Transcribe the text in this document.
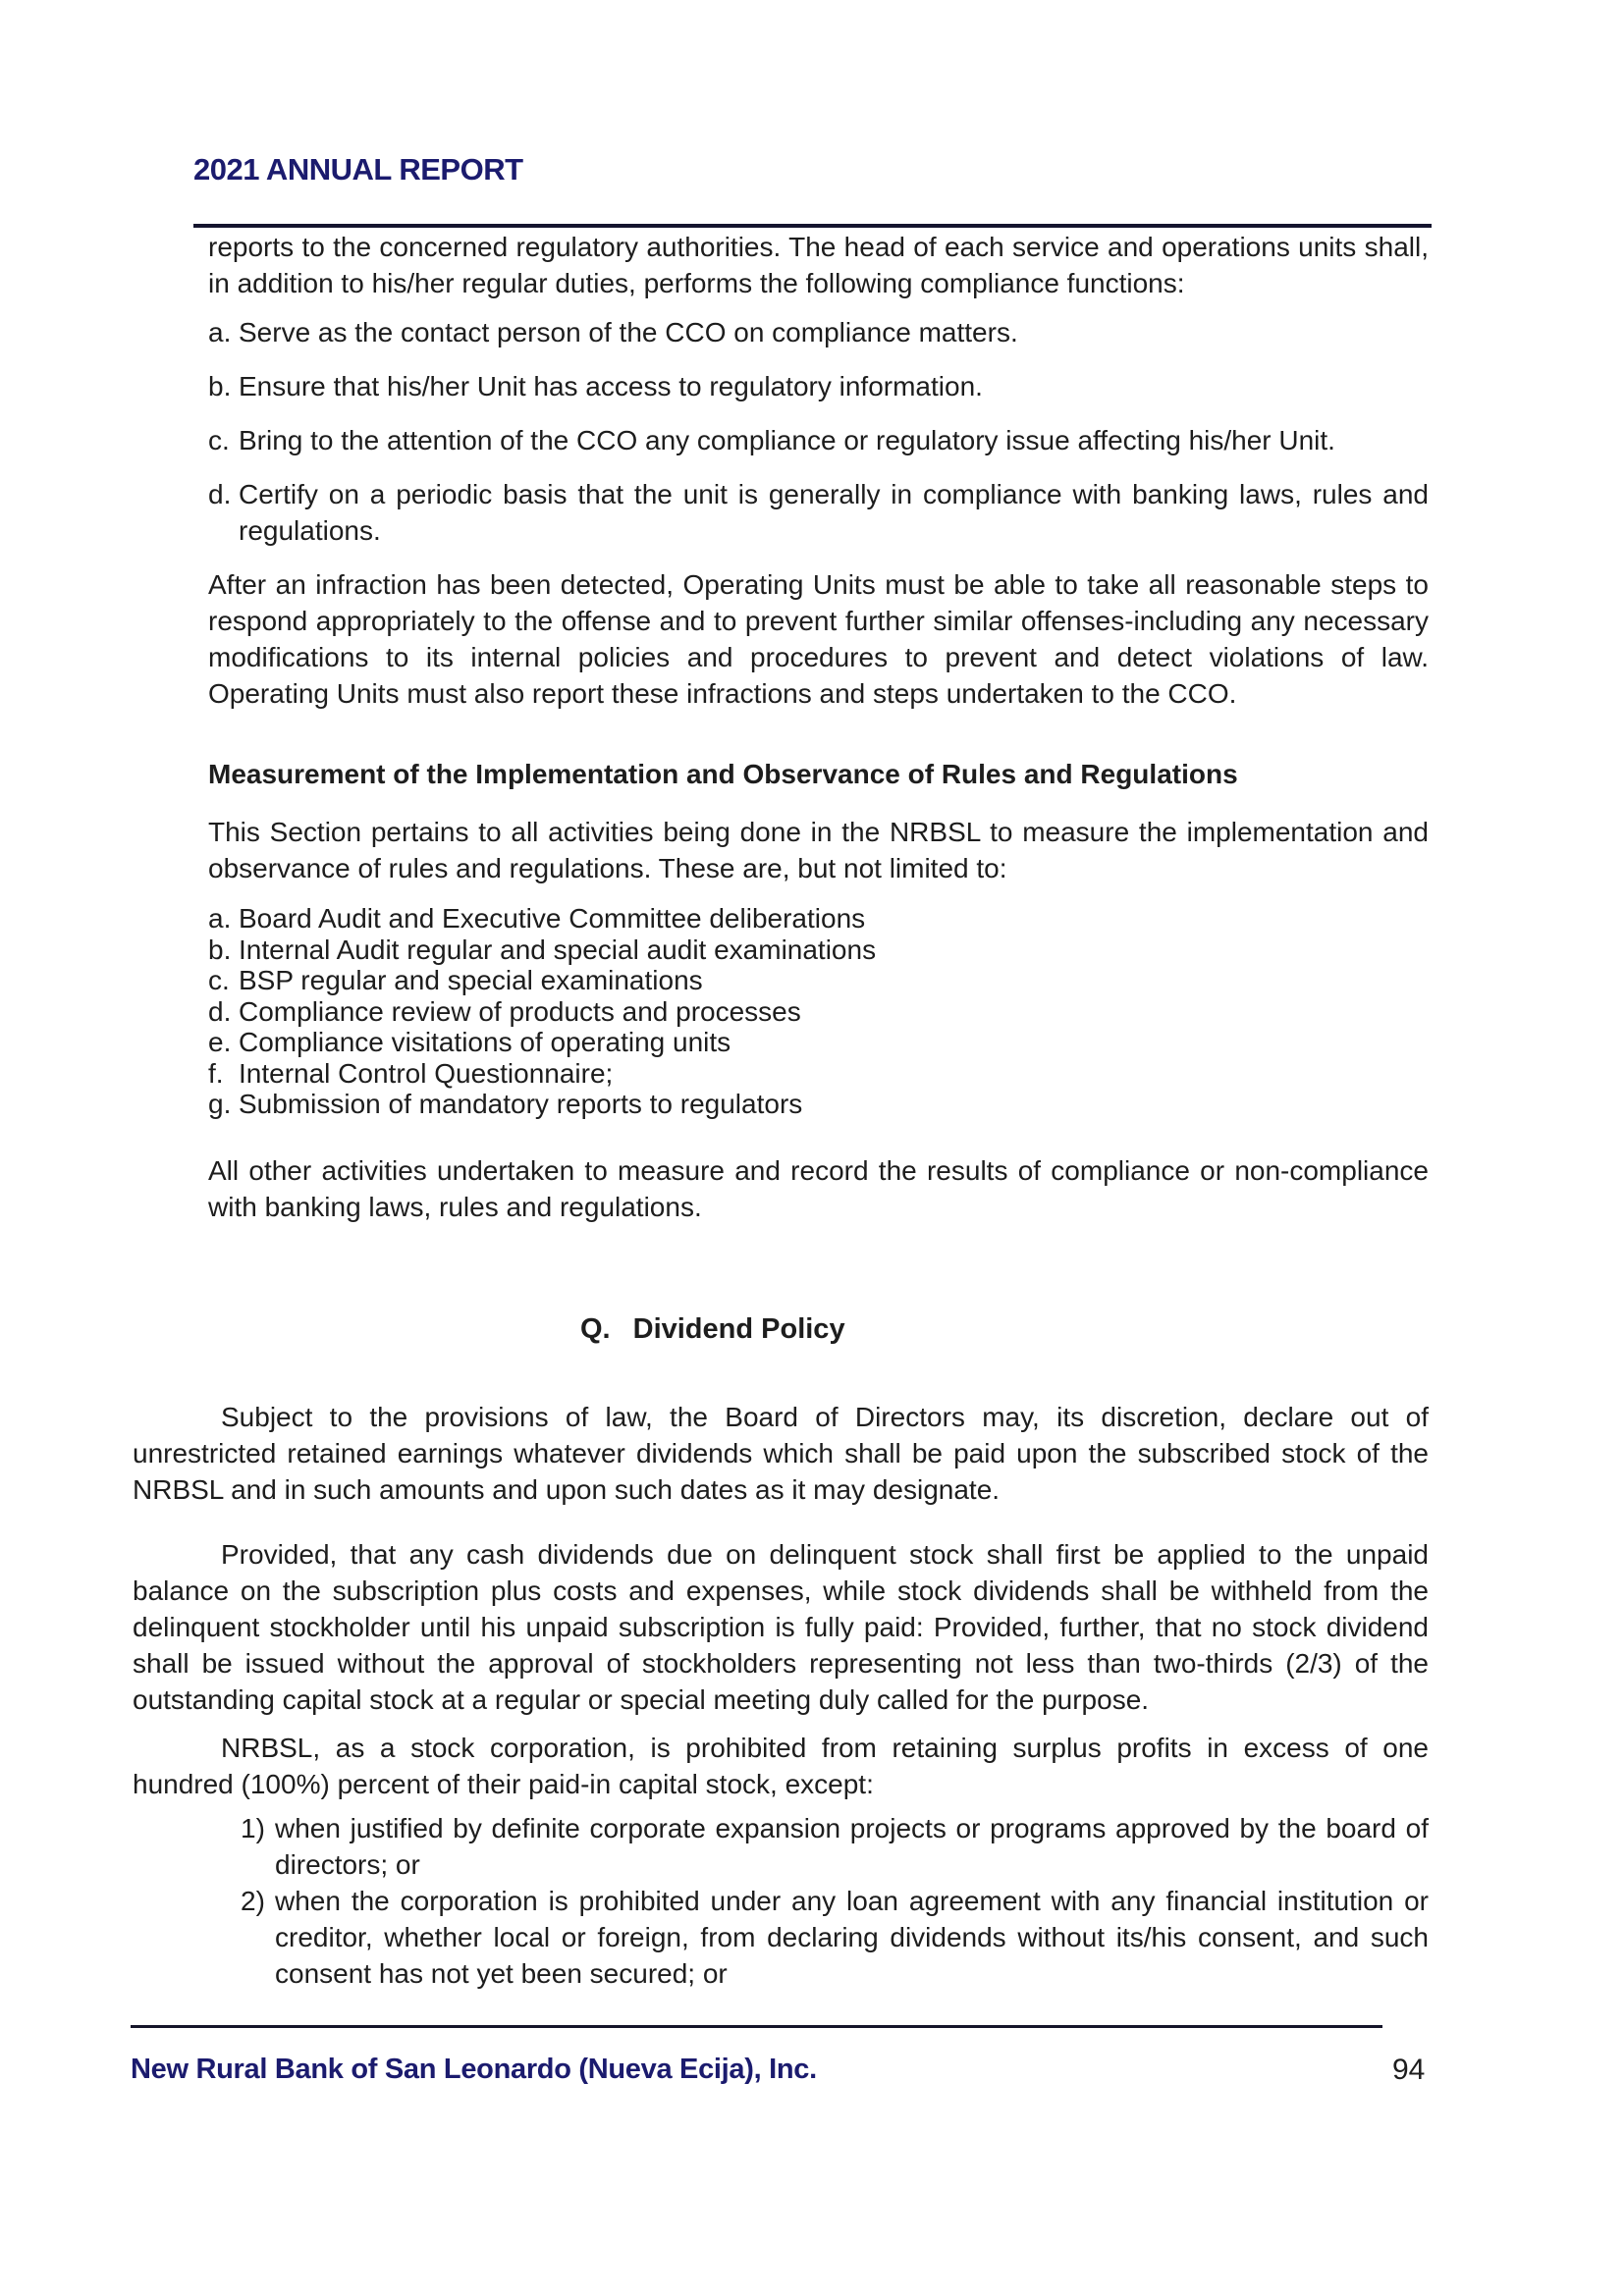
2021 ANNUAL REPORT

reports to the concerned regulatory authorities. The head of each service and operations units shall, in addition to his/her regular duties, performs the following compliance functions:

a. Serve as the contact person of the CCO on compliance matters.
b. Ensure that his/her Unit has access to regulatory information.
c. Bring to the attention of the CCO any compliance or regulatory issue affecting his/her Unit.
d. Certify on a periodic basis that the unit is generally in compliance with banking laws, rules and regulations.

After an infraction has been detected, Operating Units must be able to take all reasonable steps to respond appropriately to the offense and to prevent further similar offenses-including any necessary modifications to its internal policies and procedures to prevent and detect violations of law. Operating Units must also report these infractions and steps undertaken to the CCO.

Measurement of the Implementation and Observance of Rules and Regulations

This Section pertains to all activities being done in the NRBSL to measure the implementation and observance of rules and regulations. These are, but not limited to:

a. Board Audit and Executive Committee deliberations
b. Internal Audit regular and special audit examinations
c. BSP regular and special examinations
d. Compliance review of products and processes
e. Compliance visitations of operating units
f. Internal Control Questionnaire;
g. Submission of mandatory reports to regulators

All other activities undertaken to measure and record the results of compliance or non-compliance with banking laws, rules and regulations.

Q. Dividend Policy

Subject to the provisions of law, the Board of Directors may, its discretion, declare out of unrestricted retained earnings whatever dividends which shall be paid upon the subscribed stock of the NRBSL and in such amounts and upon such dates as it may designate.

Provided, that any cash dividends due on delinquent stock shall first be applied to the unpaid balance on the subscription plus costs and expenses, while stock dividends shall be withheld from the delinquent stockholder until his unpaid subscription is fully paid: Provided, further, that no stock dividend shall be issued without the approval of stockholders representing not less than two-thirds (2/3) of the outstanding capital stock at a regular or special meeting duly called for the purpose.

NRBSL, as a stock corporation, is prohibited from retaining surplus profits in excess of one hundred (100%) percent of their paid-in capital stock, except:

1) when justified by definite corporate expansion projects or programs approved by the board of directors; or
2) when the corporation is prohibited under any loan agreement with any financial institution or creditor, whether local or foreign, from declaring dividends without its/his consent, and such consent has not yet been secured; or
New Rural Bank of San Leonardo (Nueva Ecija), Inc.	94
